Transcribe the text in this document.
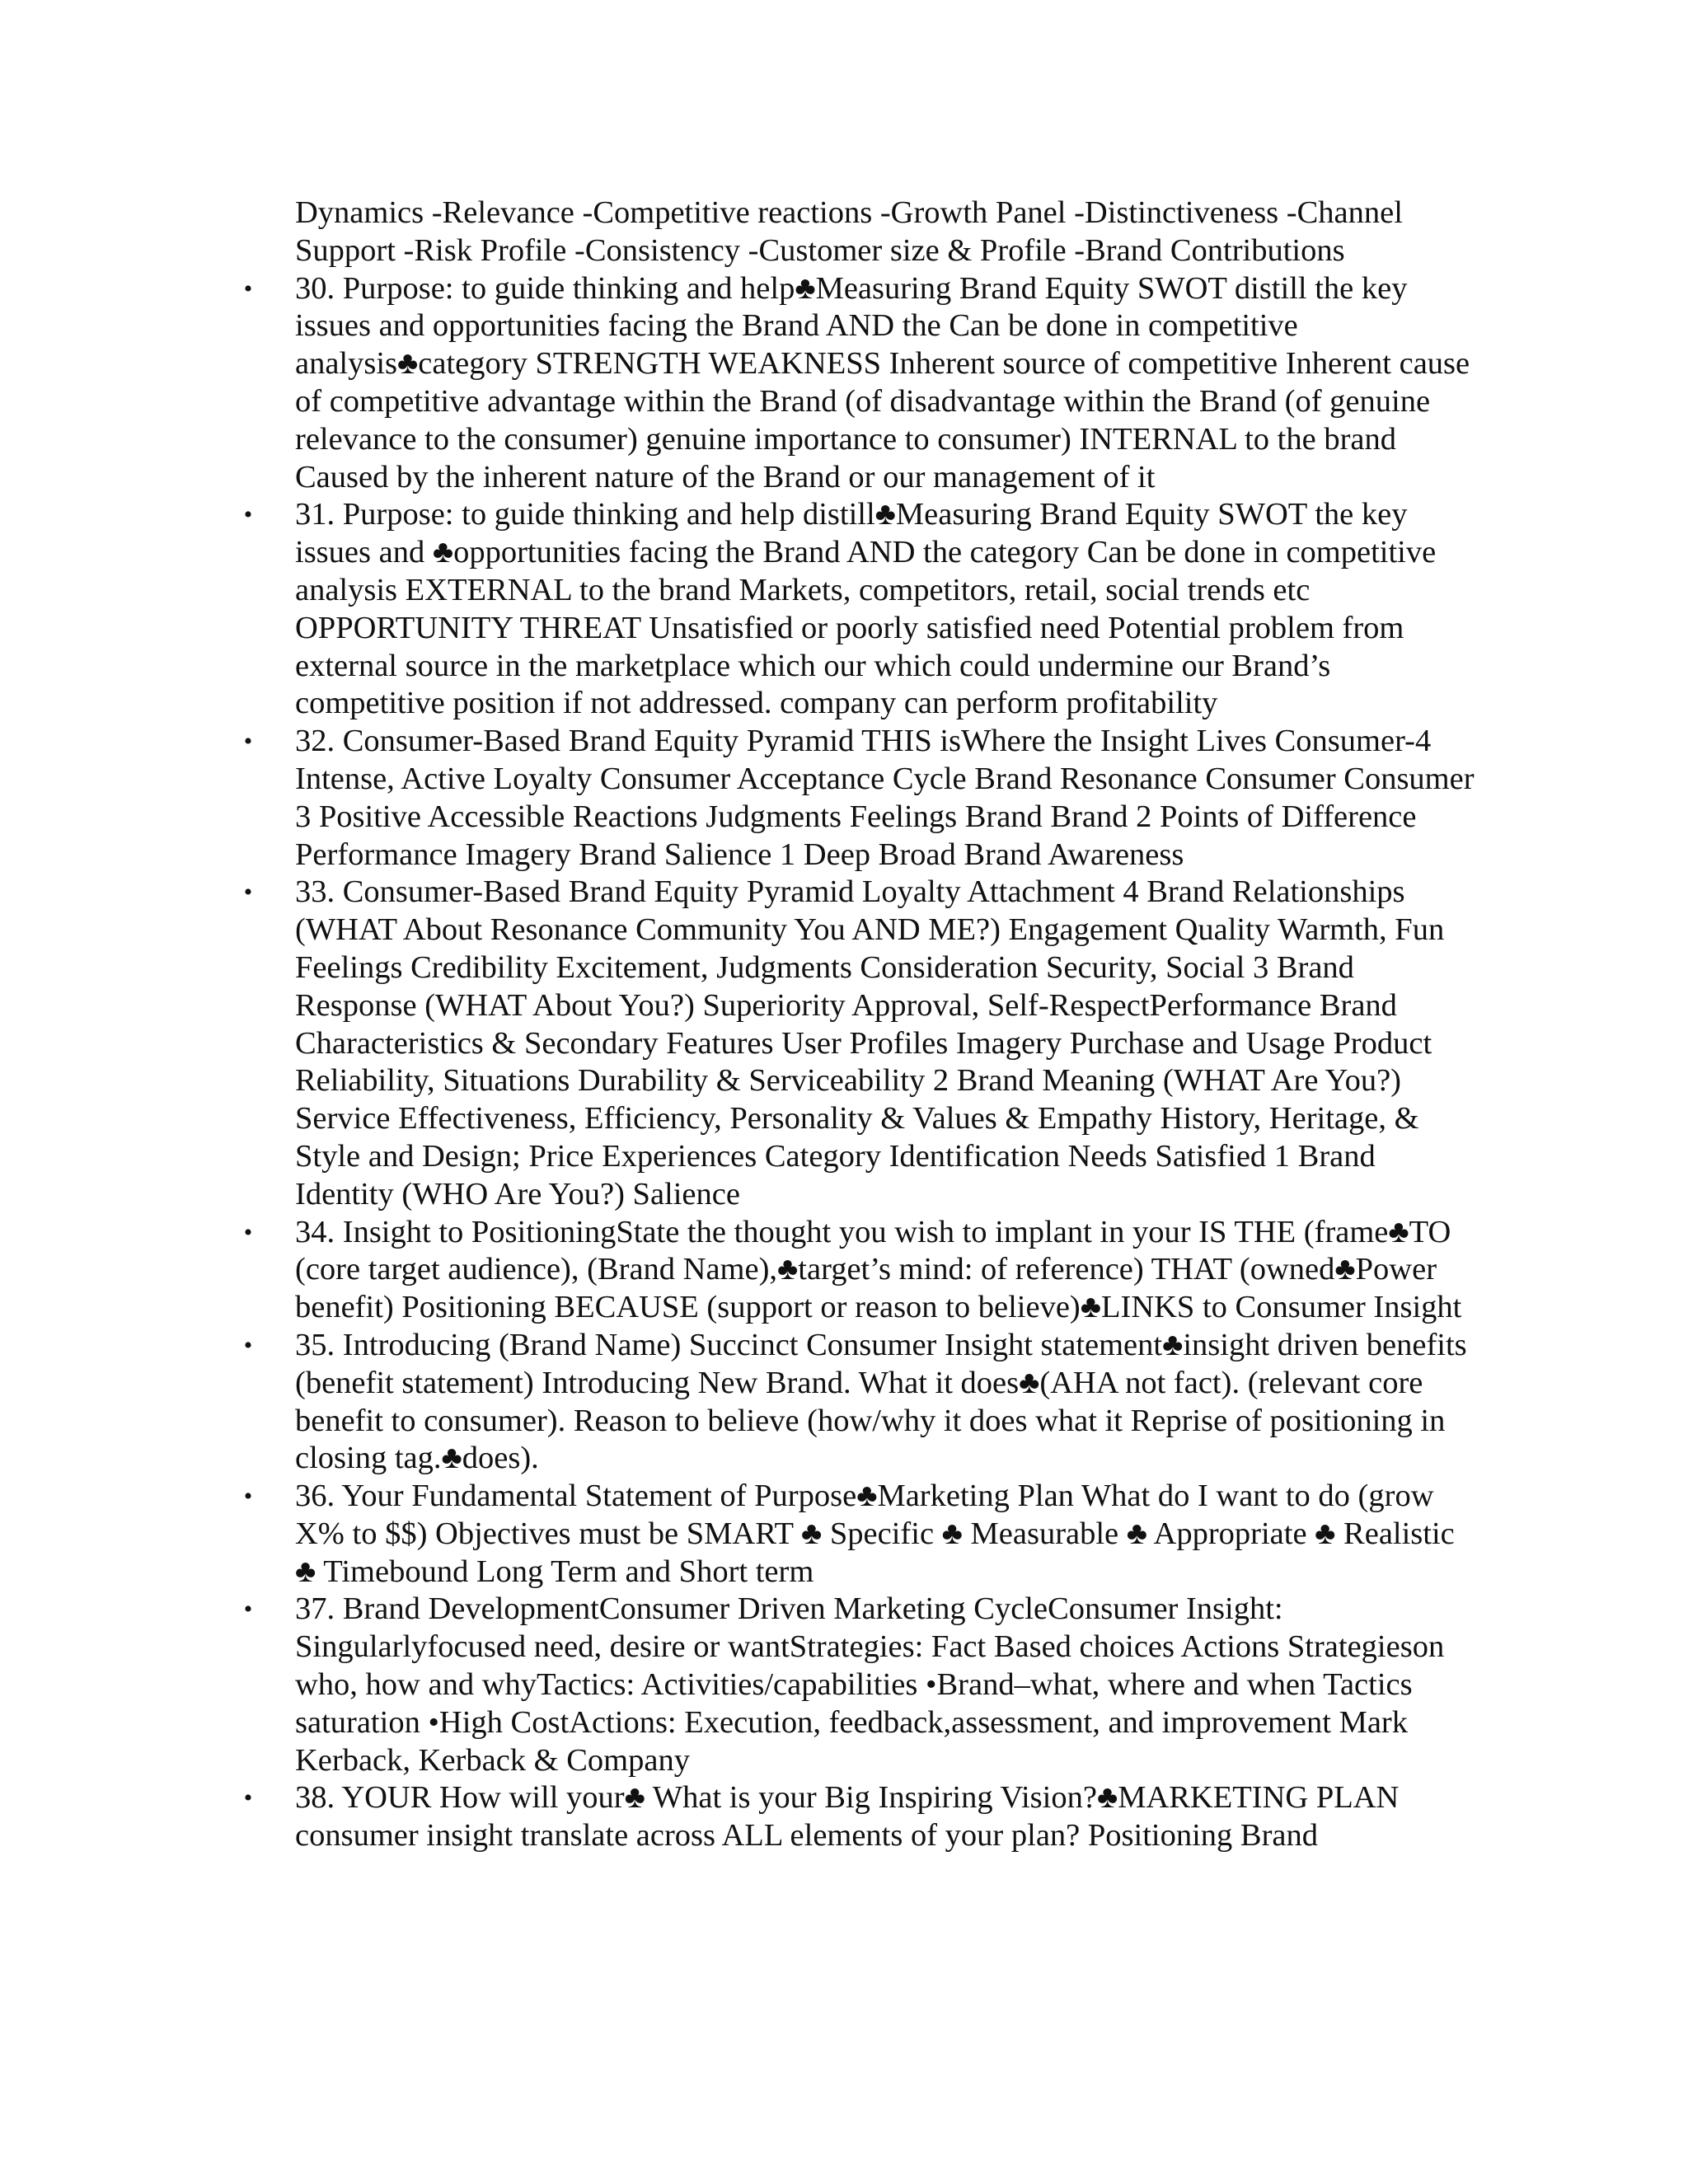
Dynamics -Relevance -Competitive reactions -Growth Panel -Distinctiveness -Channel Support -Risk Profile -Consistency -Customer size & Profile -Brand Contributions

• 30. Purpose: to guide thinking and help♣Measuring Brand Equity SWOT distill the key issues and opportunities facing the Brand AND the Can be done in competitive analysis♣category STRENGTH WEAKNESS Inherent source of competitive Inherent cause of competitive advantage within the Brand (of disadvantage within the Brand (of genuine relevance to the consumer) genuine importance to consumer) INTERNAL to the brand Caused by the inherent nature of the Brand or our management of it
• 31. Purpose: to guide thinking and help distill♣Measuring Brand Equity SWOT the key issues and ♣opportunities facing the Brand AND the category Can be done in competitive analysis EXTERNAL to the brand Markets, competitors, retail, social trends etc OPPORTUNITY THREAT Unsatisfied or poorly satisfied need Potential problem from external source in the marketplace which our which could undermine our Brand’s competitive position if not addressed. company can perform profitability
• 32. Consumer-Based Brand Equity Pyramid THIS isWhere the Insight Lives Consumer-4 Intense, Active Loyalty Consumer Acceptance Cycle Brand Resonance Consumer Consumer 3 Positive Accessible Reactions Judgments Feelings Brand Brand 2 Points of Difference Performance Imagery Brand Salience 1 Deep Broad Brand Awareness
• 33. Consumer-Based Brand Equity Pyramid Loyalty Attachment 4 Brand Relationships (WHAT About Resonance Community You AND ME?) Engagement Quality Warmth, Fun Feelings Credibility Excitement, Judgments Consideration Security, Social 3 Brand Response (WHAT About You?) Superiority Approval, Self-RespectPerformance Brand Characteristics & Secondary Features User Profiles Imagery Purchase and Usage Product Reliability, Situations Durability & Serviceability 2 Brand Meaning (WHAT Are You?) Service Effectiveness, Efficiency, Personality & Values & Empathy History, Heritage, & Style and Design; Price Experiences Category Identification Needs Satisfied 1 Brand Identity (WHO Are You?) Salience
• 34. Insight to PositioningState the thought you wish to implant in your IS THE (frame♣TO (core target audience), (Brand Name),♣target’s mind: of reference) THAT (owned♣Power benefit) Positioning BECAUSE (support or reason to believe)♣LINKS to Consumer Insight
• 35. Introducing (Brand Name) Succinct Consumer Insight statement♣insight driven benefits (benefit statement) Introducing New Brand. What it does♣(AHA not fact). (relevant core benefit to consumer). Reason to believe (how/why it does what it Reprise of positioning in closing tag.♣does).
• 36. Your Fundamental Statement of Purpose♣Marketing Plan What do I want to do (grow X% to $$) Objectives must be SMART ♣ Specific ♣ Measurable ♣ Appropriate ♣ Realistic ♣ Timebound Long Term and Short term
• 37. Brand DevelopmentConsumer Driven Marketing CycleConsumer Insight: Singularlyfocused need, desire or wantStrategies: Fact Based choices Actions Strategieson who, how and whyTactics: Activities/capabilities •Brand–what, where and when Tactics saturation •High CostActions: Execution, feedback,assessment, and improvement Mark Kerback, Kerback & Company
• 38. YOUR How will your♣ What is your Big Inspiring Vision?♣MARKETING PLAN consumer insight translate across ALL elements of your plan? Positioning Brand
